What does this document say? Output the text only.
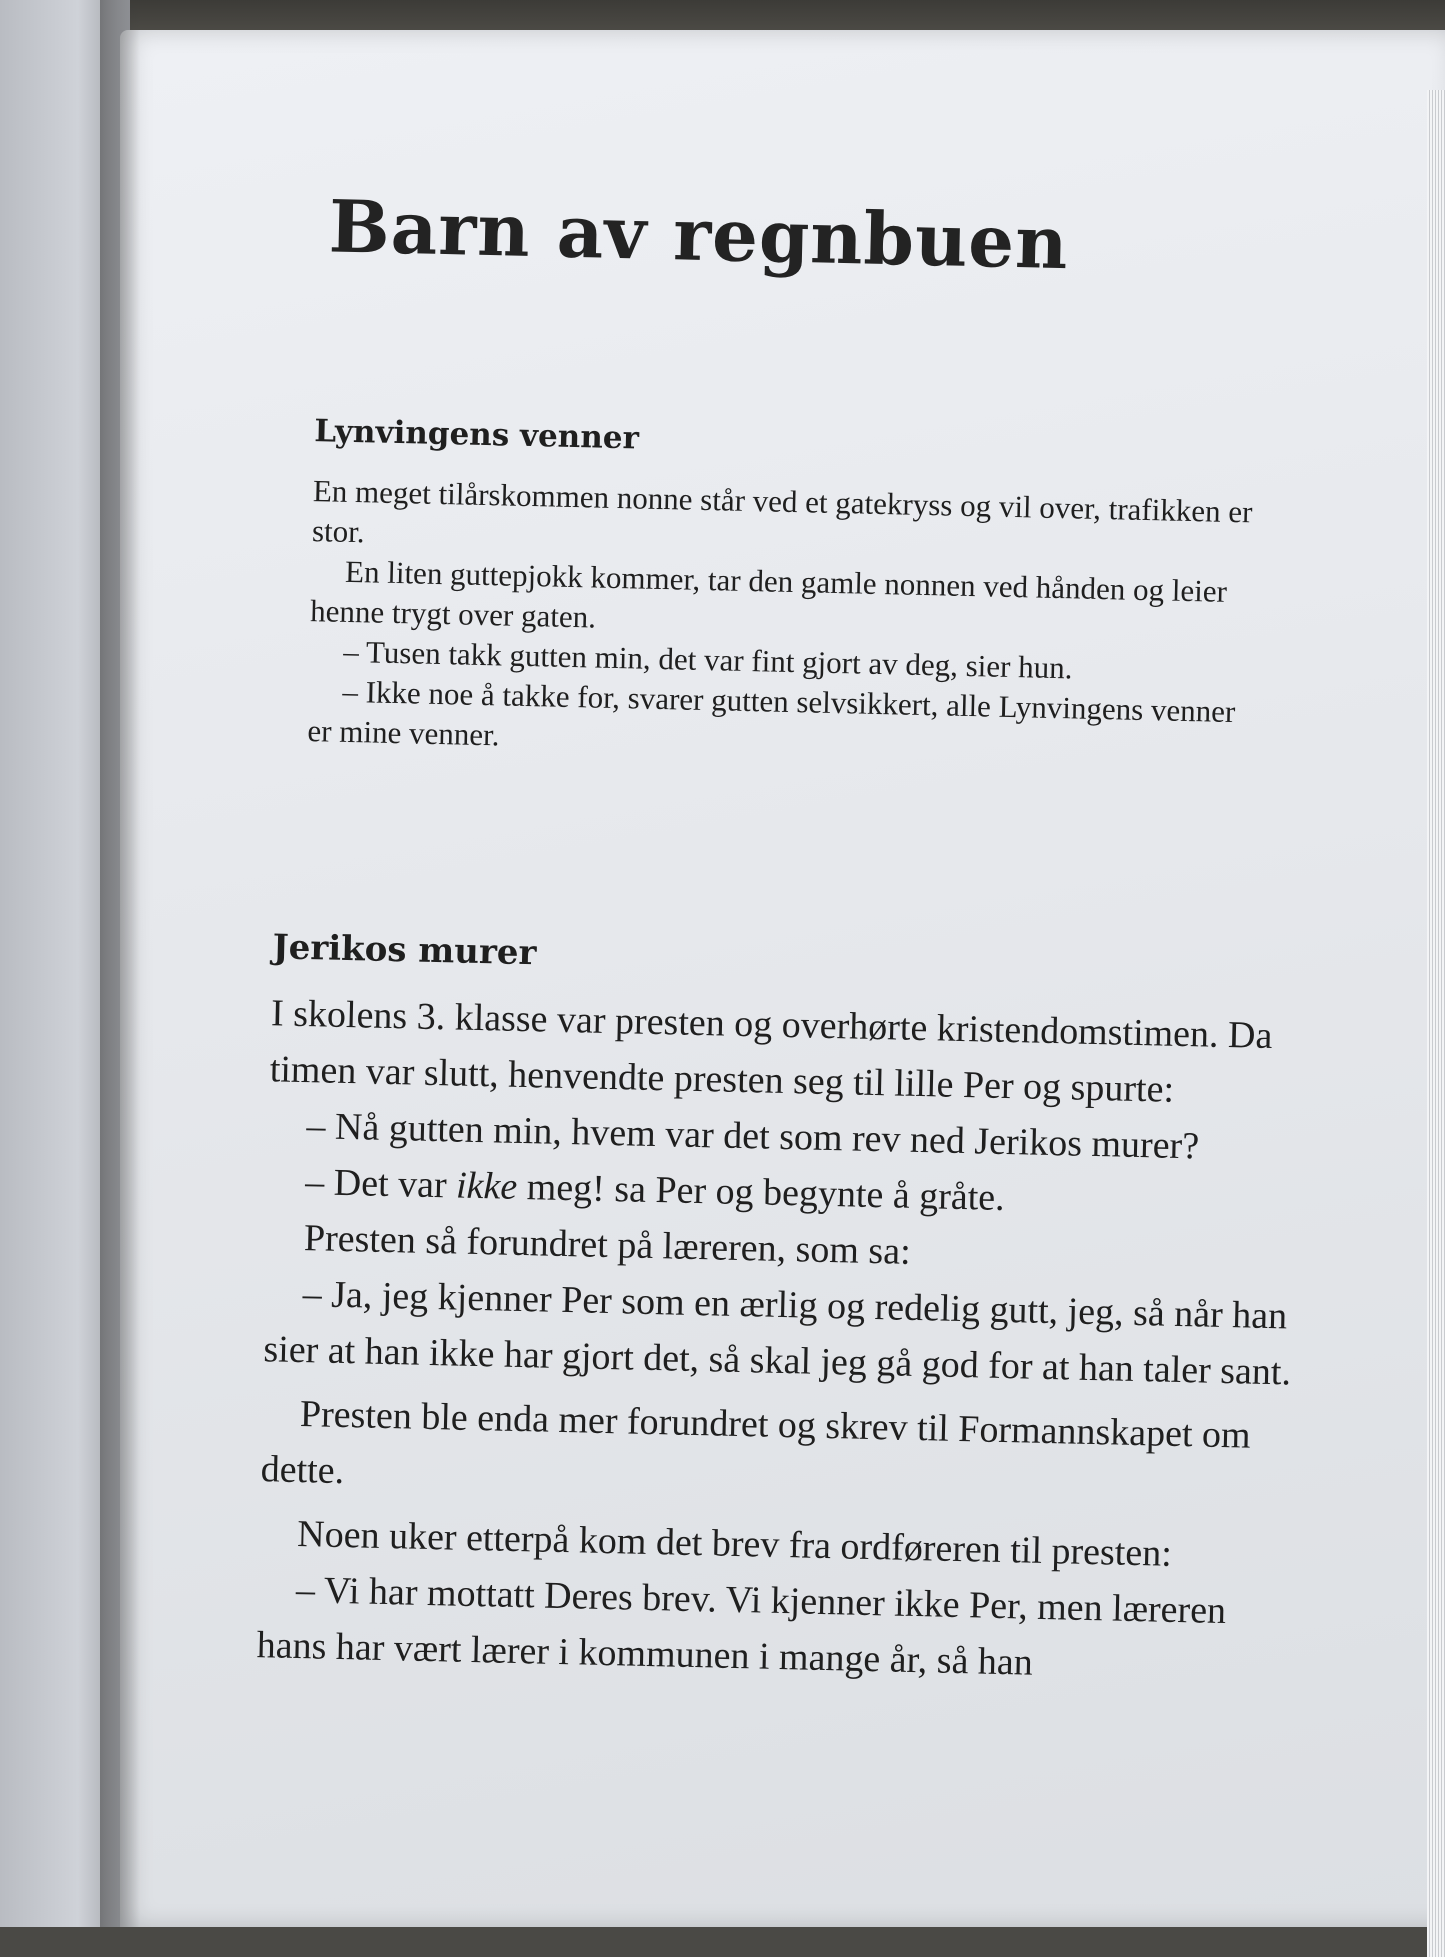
Barn av regnbuen
Lynvingens venner

En meget tilårskommen nonne står ved et gatekryss og vil over, trafikken er stor.

En liten guttepjokk kommer, tar den gamle nonnen ved hånden og leier henne trygt over gaten.

– Tusen takk gutten min, det var fint gjort av deg, sier hun.

– Ikke noe å takke for, svarer gutten selvsikkert, alle Lynvingens venner er mine venner.

Jerikos murer

I skolens 3. klasse var presten og overhørte kristendomstimen. Da timen var slutt, henvendte presten seg til lille Per og spurte:

– Nå gutten min, hvem var det som rev ned Jerikos murer?

– Det var ikke meg! sa Per og begynte å gråte.

Presten så forundret på læreren, som sa:

– Ja, jeg kjenner Per som en ærlig og redelig gutt, jeg, så når han sier at han ikke har gjort det, så skal jeg gå god for at han taler sant.

Presten ble enda mer forundret og skrev til Formannskapet om dette.

Noen uker etterpå kom det brev fra ordføreren til presten:

– Vi har mottatt Deres brev. Vi kjenner ikke Per, men læreren hans har vært lærer i kommunen i mange år, så han
